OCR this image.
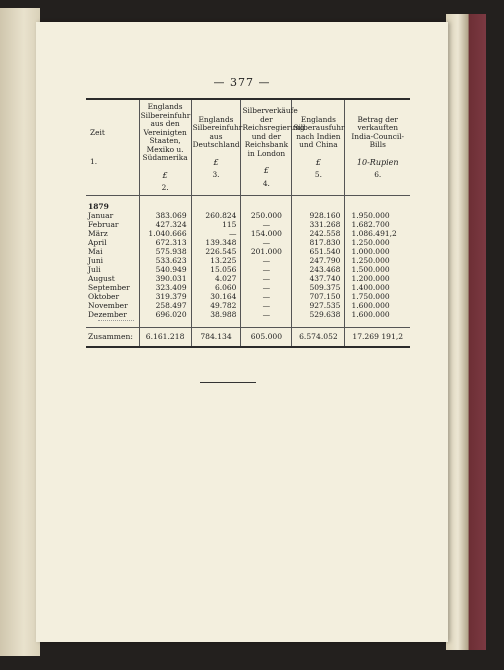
— 377 —
Zeit

1.	Englands Silbereinfuhr aus den Vereinigten Staaten, Mexiko u. Südamerika
£
2.	Englands Silbereinfuhr aus Deutschland
£
3.	Silberverkäufe der Reichsregierung und der Reichsbank in London
£
4.	Englands Silberausfuhr nach Indien und China
£
5.	Betrag der verkauften India-Council-Bills
10-Rupien
6.

1879					
Januar	383.069	260.824	250.000	928.160	1.950.000
Februar	427.324	115	—	331.268	1.682.700
März	1.040.666	—	154.000	242.558	1.086.491,2
April	672.313	139.348	—	817.830	1.250.000
Mai	575.938	226.545	201.000	651.540	1.000.000
Juni	533.623	13.225	—	247.790	1.250.000
Juli	540.949	15.056	—	243.468	1.500.000
August	390.031	4.027	—	437.740	1.200.000
September	323.409	6.060	—	509.375	1.400.000
Oktober	319.379	30.164	—	707.150	1.750.000
November	258.497	49.782	—	927.535	1.600.000
Dezember	696.020	38.988	—	529.638	1.600.000
Zusammen:	6.161.218	784.134	605.000	6.574.052	17.269 191,2
